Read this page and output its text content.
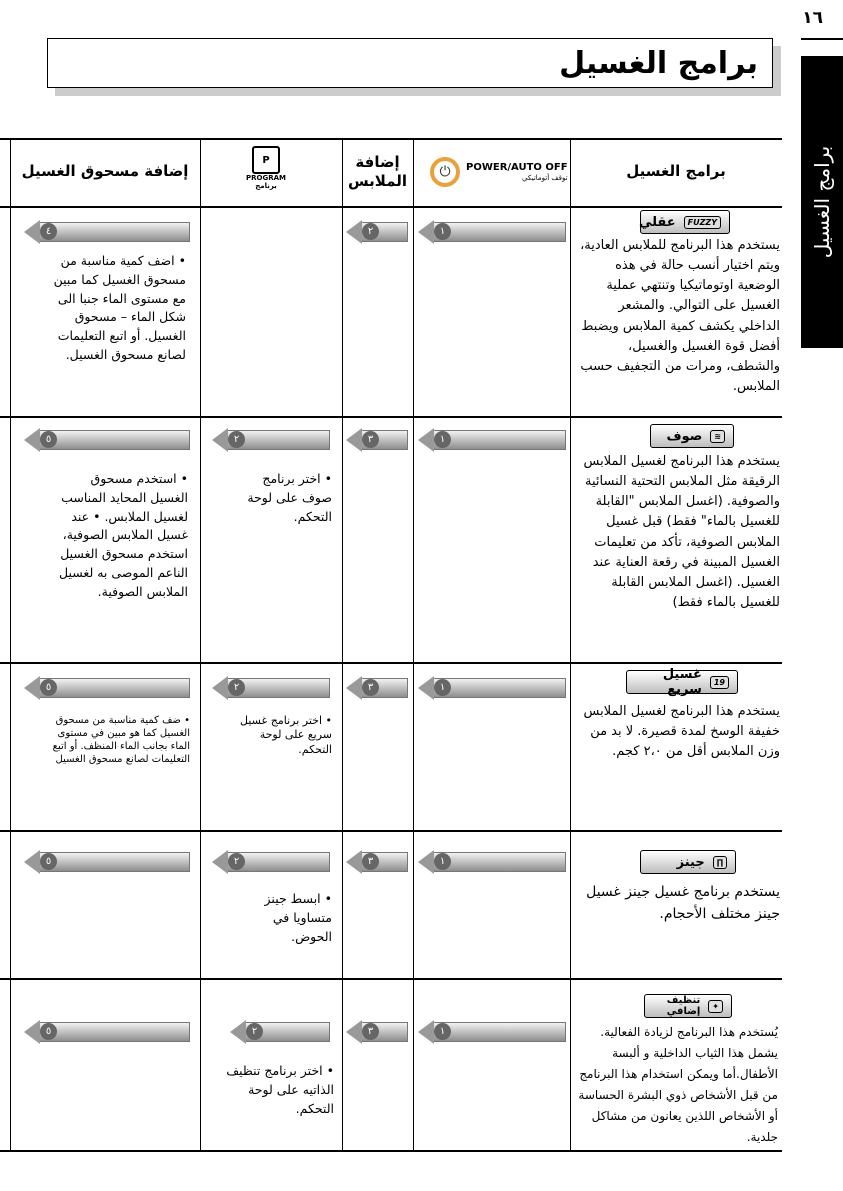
١٦
برامج الغسيل
برامج الغسيل
برامج الغسيل
⏻	POWER/AUTO OFF
توقف أتوماتيكي
إضافة الملابس
P
PROGRAM
برنامج
إضافة مسحوق الغسيل
FUZZY
عقلي
يستخدم هذا البرنامج للملابس العادية، ويتم اختيار أنسب حالة في هذه الوضعية اوتوماتيكيا وتنتهي عملية الغسيل على التوالي. والمشعر الداخلي يكشف كمية الملابس ويضبط أفضل قوة الغسيل والغسيل، والشطف، ومرات من التجفيف حسب الملابس.
١
٢
٤
• اضف كمية مناسبة من مسحوق الغسيل كما مبين مع مستوى الماء جنبا الى شكل الماء – مسحوق الغسيل. أو اتبع التعليمات لصانع مسحوق الغسيل.
≋
صوف
يستخدم هذا البرنامج لغسيل الملابس الرقيقة مثل الملابس التحتية النسائية والصوفية. (اغسل الملابس "القابلة للغسيل بالماء" فقط) قبل غسيل الملابس الصوفية، تأكد من تعليمات الغسيل المبينة في رقعة العناية عند الغسيل. (اغسل الملابس القابلة للغسيل بالماء فقط)
١
٣
٢
• اختر برنامج صوف على لوحة التحكم.
٥
• استخدم مسحوق الغسيل المحايد المناسب لغسيل الملابس. • عند غسيل الملابس الصوفية، استخدم مسحوق الغسيل الناعم الموصى به لغسيل الملابس الصوفية.
19
غسيل سريع
يستخدم هذا البرنامج لغسيل الملابس خفيفة الوسخ لمدة قصيرة. لا بد من وزن الملابس أقل من ٢،٠ كجم.
١
٣
٢
• اختر برنامج غسيل سريع على لوحة التحكم.
٥
• ضف كمية مناسبة من مسحوق الغسيل كما هو مبين في مستوى الماء بجانب الماء المنظف. أو اتبع التعليمات لصانع مسحوق الغسيل
∏
جينز
يستخدم برنامج غسيل جينز غسيل جينز مختلف الأحجام.
١
٣
٢
• ابسط جينز متساويا في الحوض.
٥
✦
تنظيف إضافي
يُستخدم هذا البرنامج لزيادة الفعالية. يشمل هذا الثياب الداخلية و ألبسة الأطفال.أما ويمكن استخدام هذا البرنامج من قبل الأشخاص ذوي البشرة الحساسة أو الأشخاص اللذين يعانون من مشاكل جلدية.
١
٣
٢
• اختر برنامج تنظيف الذاتيه على لوحة التحكم.
٥
